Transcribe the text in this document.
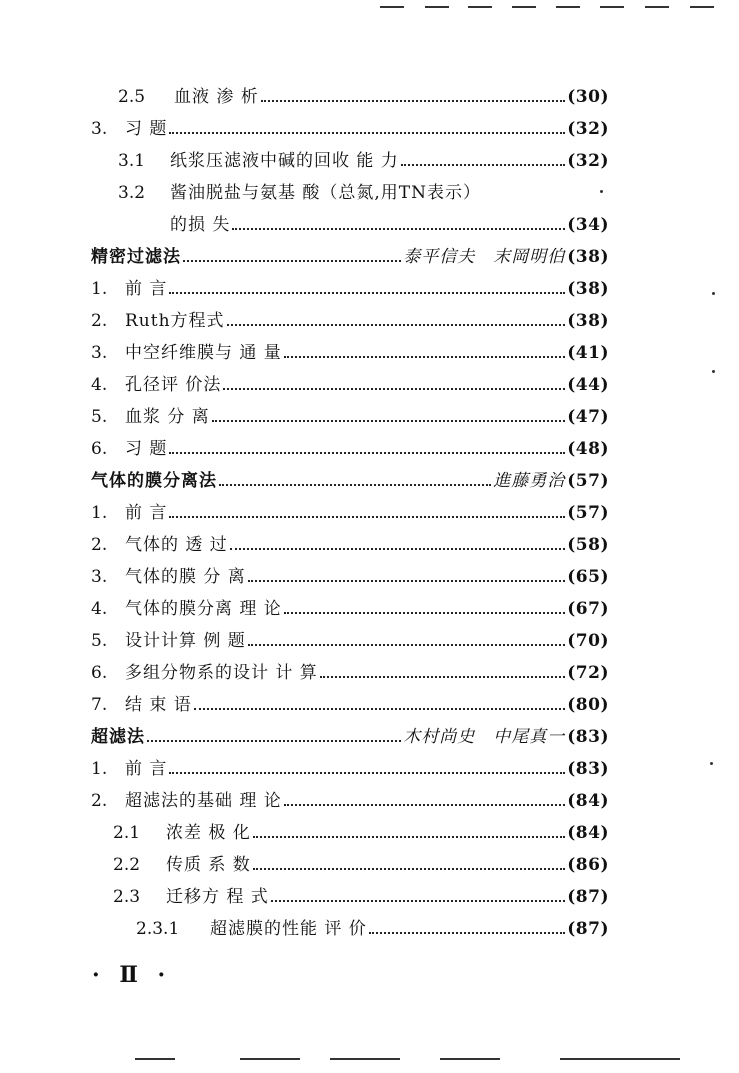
2.5	血液 渗 析	(30)
3.	习 题	(32)
3.1	纸浆压滤液中碱的回收 能 力	(32)
3.2	酱油脱盐与氨基 酸（总氮,用TN表示）
的损 失	(34)
精密过滤法	泰平信夫　末岡明伯 (38)
1.	前 言	(38)
2.	Ruth方程式	(38)
3.	中空纤维膜与 通 量	(41)
4.	孔径评 价法	(44)
5.	血浆 分 离	(47)
6.	习 题	(48)
气体的膜分离法	進藤勇治 (57)
1.	前 言	(57)
2.	气体的 透 过	(58)
3.	气体的膜 分 离	(65)
4.	气体的膜分离 理 论	(67)
5.	设计计算 例 题	(70)
6.	多组分物系的设计 计 算	(72)
7.	结 束 语	(80)
超滤法	木村尚史　中尾真一 (83)
1.	前 言	(83)
2.	超滤法的基础 理 论	(84)
2.1	浓差 极 化	(84)
2.2	传质 系 数	(86)
2.3	迁移方 程 式	(87)
2.3.1	超滤膜的性能 评 价	(87)
· Ⅱ ·
